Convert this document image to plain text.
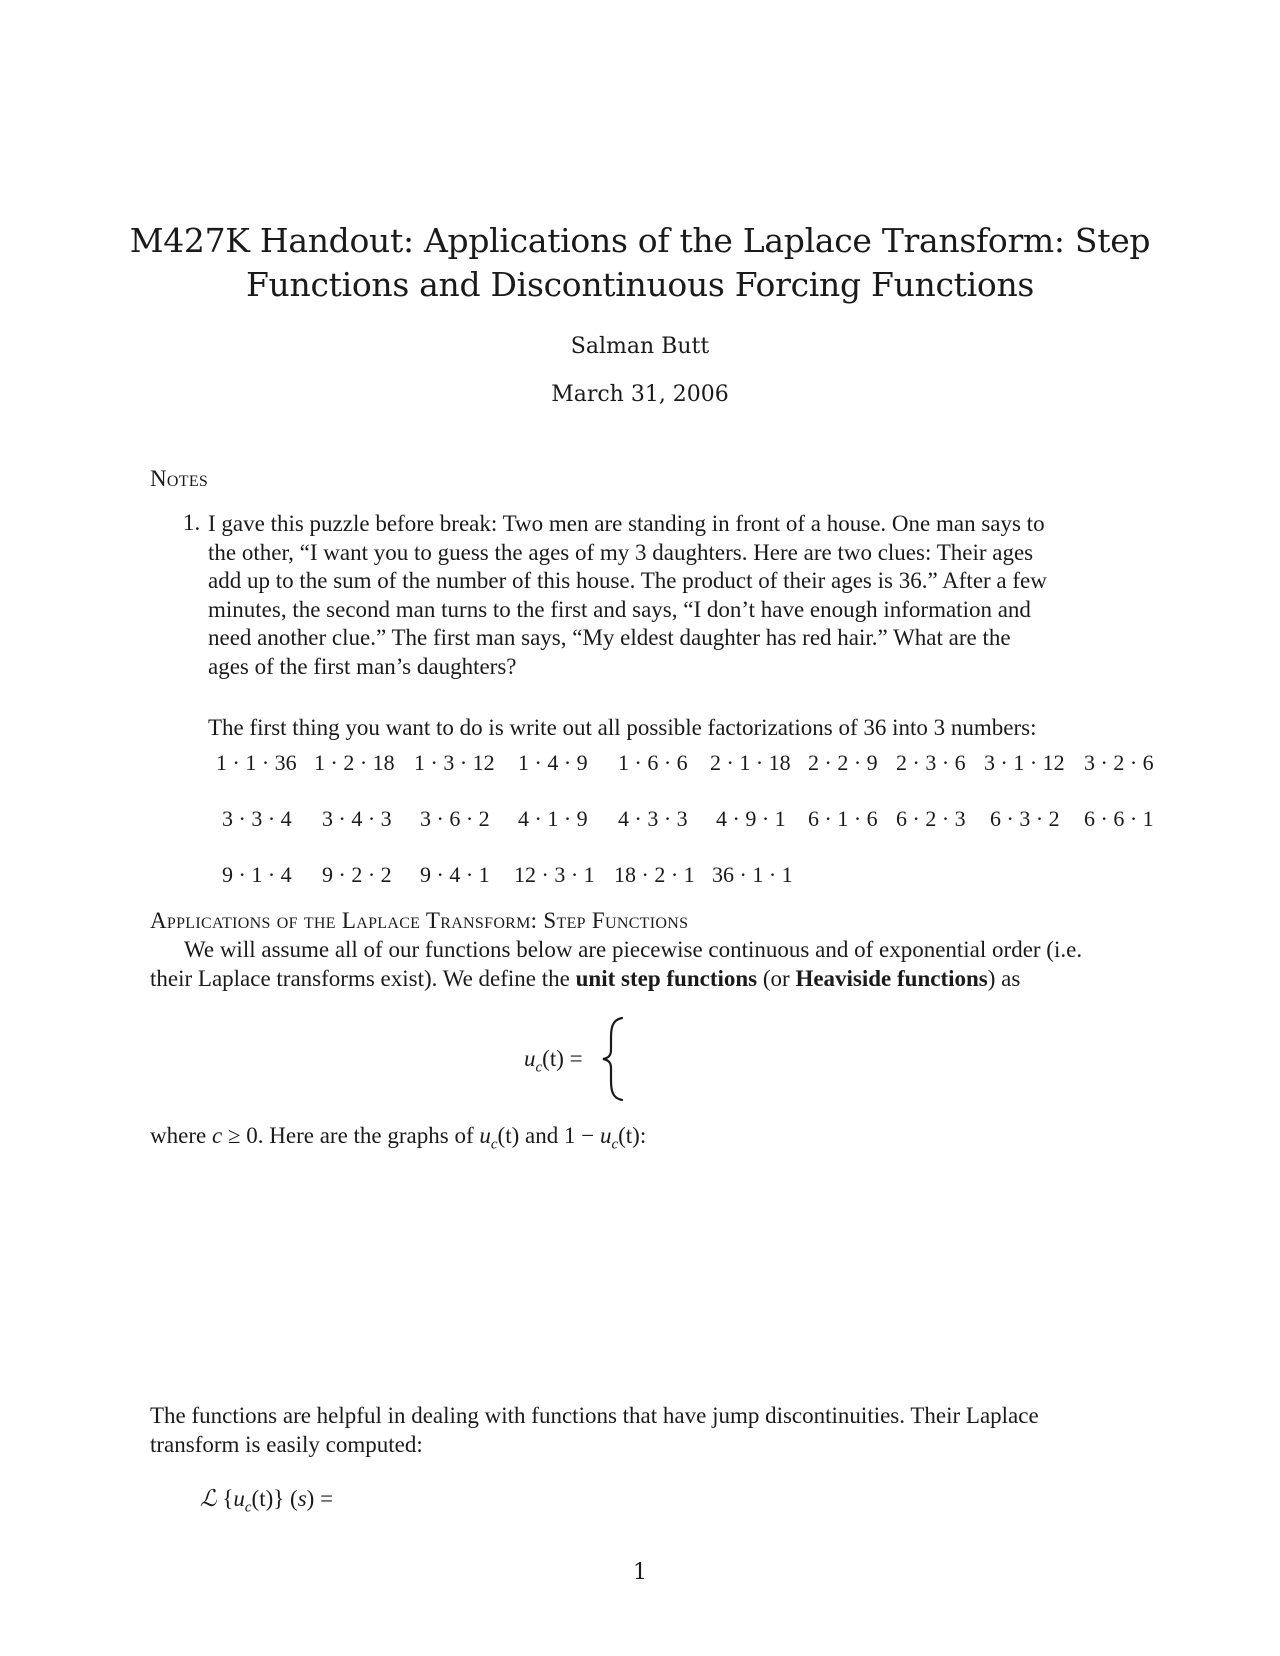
M427K Handout: Applications of the Laplace Transform: Step
Functions and Discontinuous Forcing Functions
Salman Butt
March 31, 2006
Notes
1. I gave this puzzle before break: Two men are standing in front of a house. One man says to
the other, “I want you to guess the ages of my 3 daughters. Here are two clues: Their ages
add up to the sum of the number of this house. The product of their ages is 36.” After a few
minutes, the second man turns to the first and says, “I don’t have enough information and
need another clue.” The first man says, “My eldest daughter has red hair.” What are the
ages of the first man’s daughters?
The first thing you want to do is write out all possible factorizations of 36 into 3 numbers:
1 · 1 · 36 1 · 2 · 18 1 · 3 · 12 1 · 4 · 9 1 · 6 · 6 2 · 1 · 18 2 · 2 · 9 2 · 3 · 6 3 · 1 · 12 3 · 2 · 6
3 · 3 · 4 3 · 4 · 3 3 · 6 · 2 4 · 1 · 9 4 · 3 · 3 4 · 9 · 1 6 · 1 · 6 6 · 2 · 3 6 · 3 · 2 6 · 6 · 1
9 · 1 · 4 9 · 2 · 2 9 · 4 · 1 12 · 3 · 1 18 · 2 · 1 36 · 1 · 1
Applications of the Laplace Transform: Step Functions
We will assume all of our functions below are piecewise continuous and of exponential order (i.e.
their Laplace transforms exist). We define the unit step functions (or Heaviside functions) as
$u_c(t)$ =
where c ≥ 0. Here are the graphs of $u_c(t)$ and $1 - u_c(t)$:
The functions are helpful in dealing with functions that have jump discontinuities. Their Laplace
transform is easily computed:
ℒ $\{u_c(t)\} (s)$ =
1
